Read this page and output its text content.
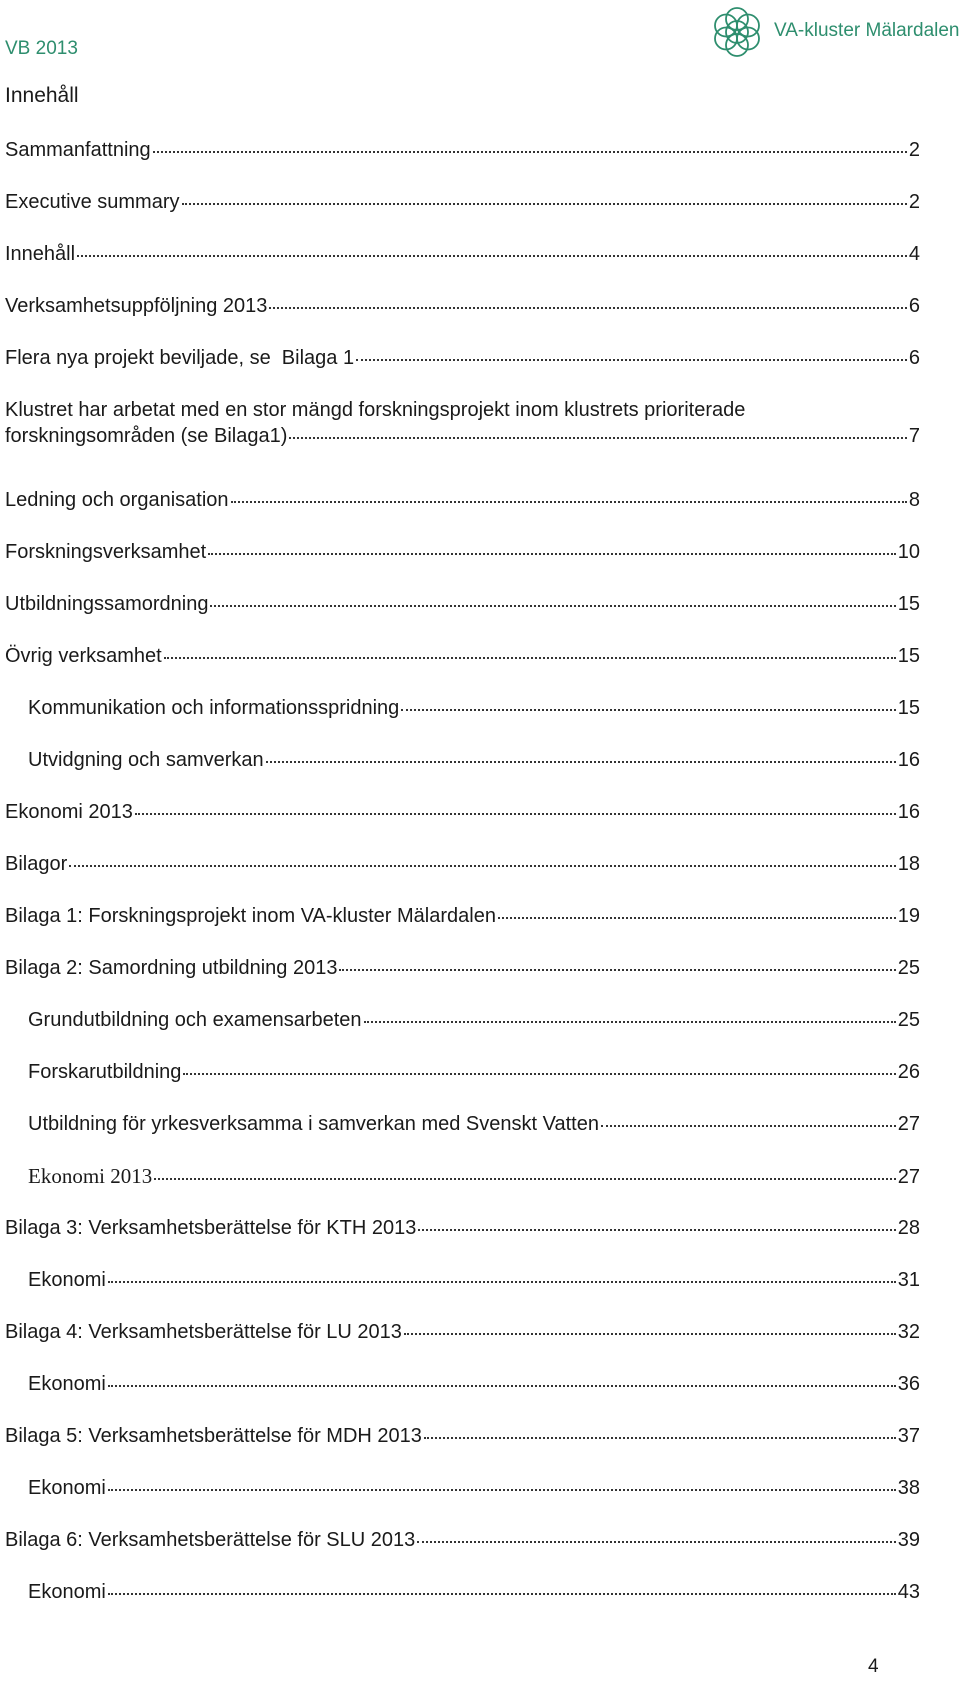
VB 2013
VA-kluster Mälardalen
Innehåll
Sammanfattning	2
Executive summary	2
Innehåll	4
Verksamhetsuppföljning 2013	6
Flera nya projekt beviljade, se  Bilaga 1	6
Klustret har arbetat med en stor mängd forskningsprojekt inom klustrets prioriterade
forskningsområden (se Bilaga1)	7
Ledning och organisation	8
Forskningsverksamhet	10
Utbildningssamordning	15
Övrig verksamhet	15
Kommunikation och informationsspridning	15
Utvidgning och samverkan	16
Ekonomi 2013	16
Bilagor	18
Bilaga 1: Forskningsprojekt inom VA-kluster Mälardalen	19
Bilaga 2: Samordning utbildning 2013	25
Grundutbildning och examensarbeten	25
Forskarutbildning	26
Utbildning för yrkesverksamma i samverkan med Svenskt Vatten	27
Ekonomi 2013	27
Bilaga 3: Verksamhetsberättelse för KTH 2013	28
Ekonomi	31
Bilaga 4: Verksamhetsberättelse för LU 2013	32
Ekonomi	36
Bilaga 5: Verksamhetsberättelse för MDH 2013	37
Ekonomi	38
Bilaga 6: Verksamhetsberättelse för SLU 2013	39
Ekonomi	43
4
